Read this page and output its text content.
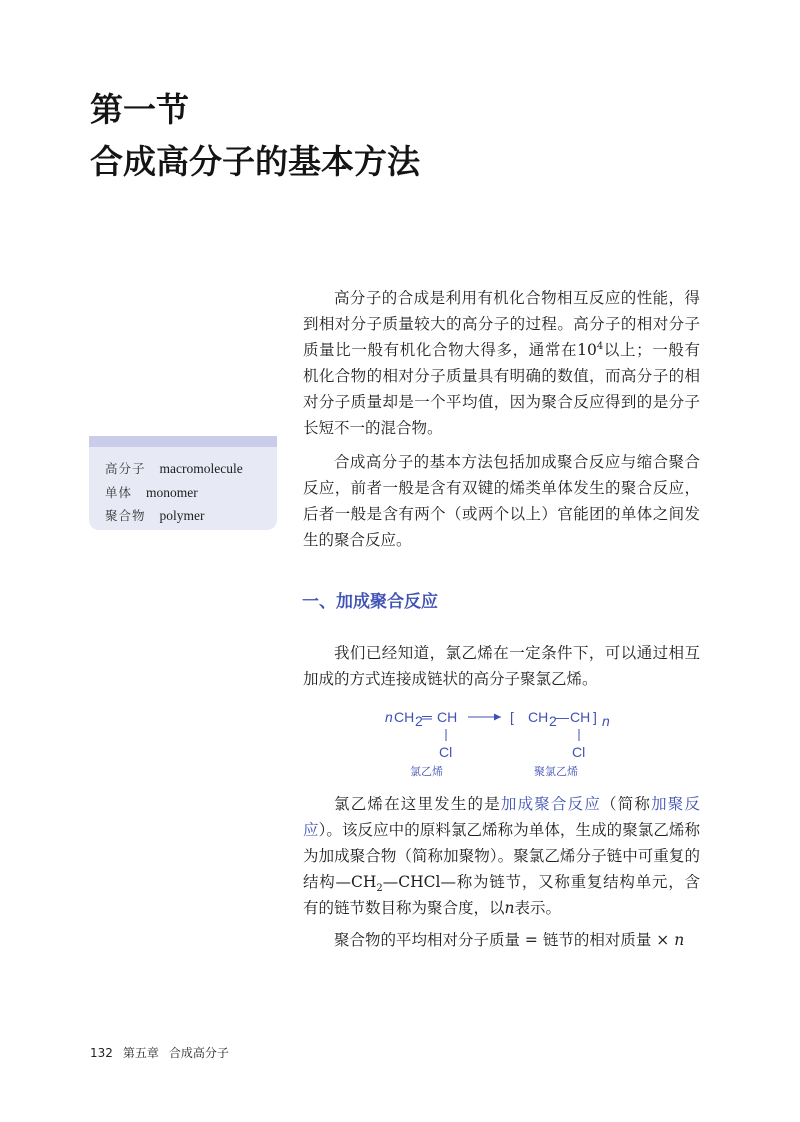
第一节
合成高分子的基本方法
高分子 macromolecule
单体 monomer
聚合物 polymer

高分子的合成是利用有机化合物相互反应的性能，得到相对分子质量较大的高分子的过程。高分子的相对分子质量比一般有机化合物大得多，通常在$10^4$以上；一般有机化合物的相对分子质量具有明确的数值，而高分子的相对分子质量却是一个平均值，因为聚合反应得到的是分子长短不一的混合物。

合成高分子的基本方法包括加成聚合反应与缩合聚合反应，前者一般是含有双键的烯类单体发生的聚合反应，后者一般是含有两个（或两个以上）官能团的单体之间发生的聚合反应。

一、加成聚合反应

我们已经知道，氯乙烯在一定条件下，可以通过相互加成的方式连接成链状的高分子聚氯乙烯。

n CH 2 ═ CH
Cl
氯乙烯
[ CH 2
— CH ] n
Cl
聚氯乙烯

氯乙烯在这里发生的是加成聚合反应（简称加聚反应）。该反应中的原料氯乙烯称为单体，生成的聚氯乙烯称为加成聚合物（简称加聚物）。聚氯乙烯分子链中可重复的结构$—CH_2—CHCl—$称为链节，又称重复结构单元，含有的链节数目称为聚合度，以n表示。

聚合物的平均相对分子质量 = 链节的相对质量 × n

132 第五章 合成高分子
